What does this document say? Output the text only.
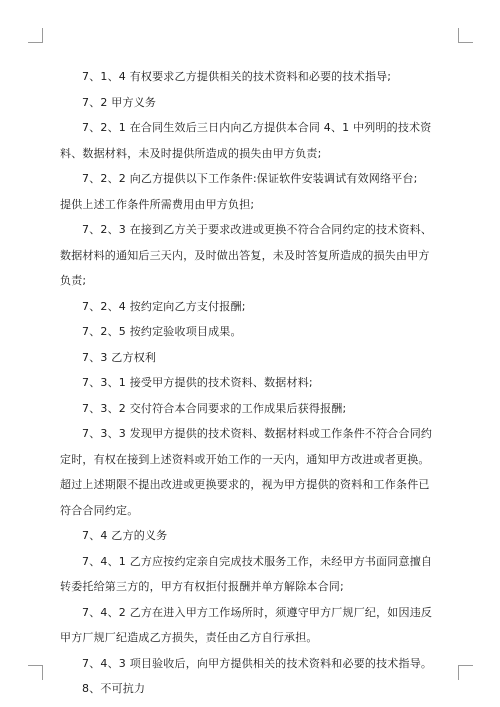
7、1、4 有权要求乙方提供相关的技术资料和必要的技术指导;

7、2 甲方义务

7、2、1 在合同生效后三日内向乙方提供本合同 4、1 中列明的技术资料、数据材料，未及时提供所造成的损失由甲方负责;

7、2、2 向乙方提供以下工作条件:保证软件安装调试有效网络平台;

提供上述工作条件所需费用由甲方负担;

7、2、3 在接到乙方关于要求改进或更换不符合合同约定的技术资料、数据材料的通知后三天内，及时做出答复，未及时答复所造成的损失由甲方负责;

7、2、4 按约定向乙方支付报酬;

7、2、5 按约定验收项目成果。

7、3 乙方权利

7、3、1 接受甲方提供的技术资料、数据材料;

7、3、2 交付符合本合同要求的工作成果后获得报酬;

7、3、3 发现甲方提供的技术资料、数据材料或工作条件不符合合同约定时，有权在接到上述资料或开始工作的一天内，通知甲方改进或者更换。超过上述期限不提出改进或更换要求的，视为甲方提供的资料和工作条件已符合合同约定。

7、4 乙方的义务

7、4、1 乙方应按约定亲自完成技术服务工作，未经甲方书面同意擅自转委托给第三方的，甲方有权拒付报酬并单方解除本合同;

7、4、2 乙方在进入甲方工作场所时，须遵守甲方厂规厂纪，如因违反甲方厂规厂纪造成乙方损失，责任由乙方自行承担。

7、4、3 项目验收后，向甲方提供相关的技术资料和必要的技术指导。

8、不可抗力
